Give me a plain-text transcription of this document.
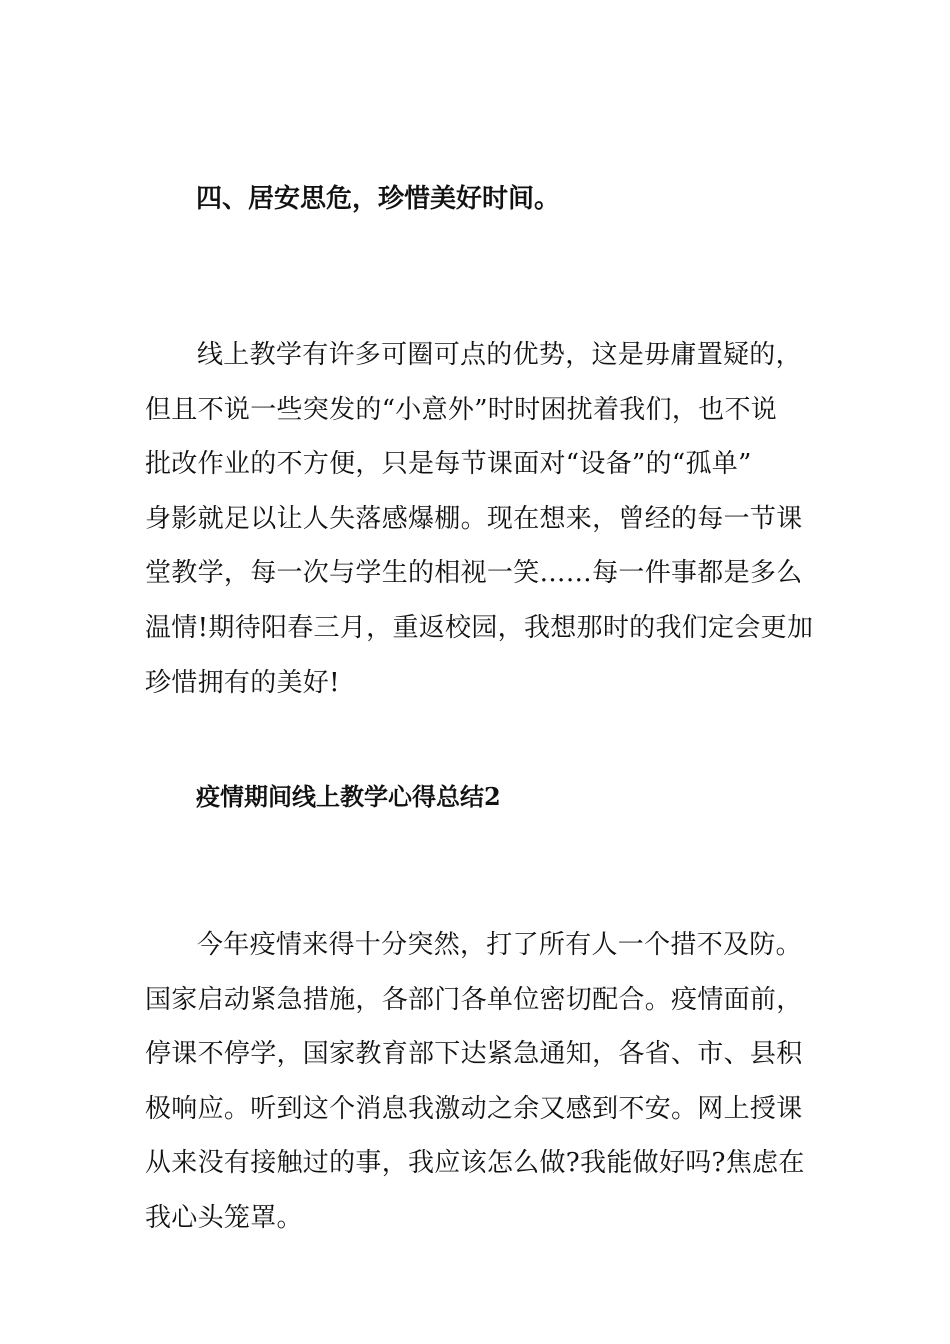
四、居安思危，珍惜美好时间。

线上教学有许多可圈可点的优势，这是毋庸置疑的，
但且不说一些突发的“小意外”时时困扰着我们，也不说
批改作业的不方便，只是每节课面对“设备”的“孤单”
身影就足以让人失落感爆棚。现在想来，曾经的每一节课
堂教学，每一次与学生的相视一笑……每一件事都是多么
温情!期待阳春三月，重返校园，我想那时的我们定会更加
珍惜拥有的美好!

疫情期间线上教学心得总结2

今年疫情来得十分突然，打了所有人一个措不及防。
国家启动紧急措施，各部门各单位密切配合。疫情面前，
停课不停学，国家教育部下达紧急通知，各省、市、县积
极响应。听到这个消息我激动之余又感到不安。网上授课
从来没有接触过的事，我应该怎么做?我能做好吗?焦虑在
我心头笼罩。
